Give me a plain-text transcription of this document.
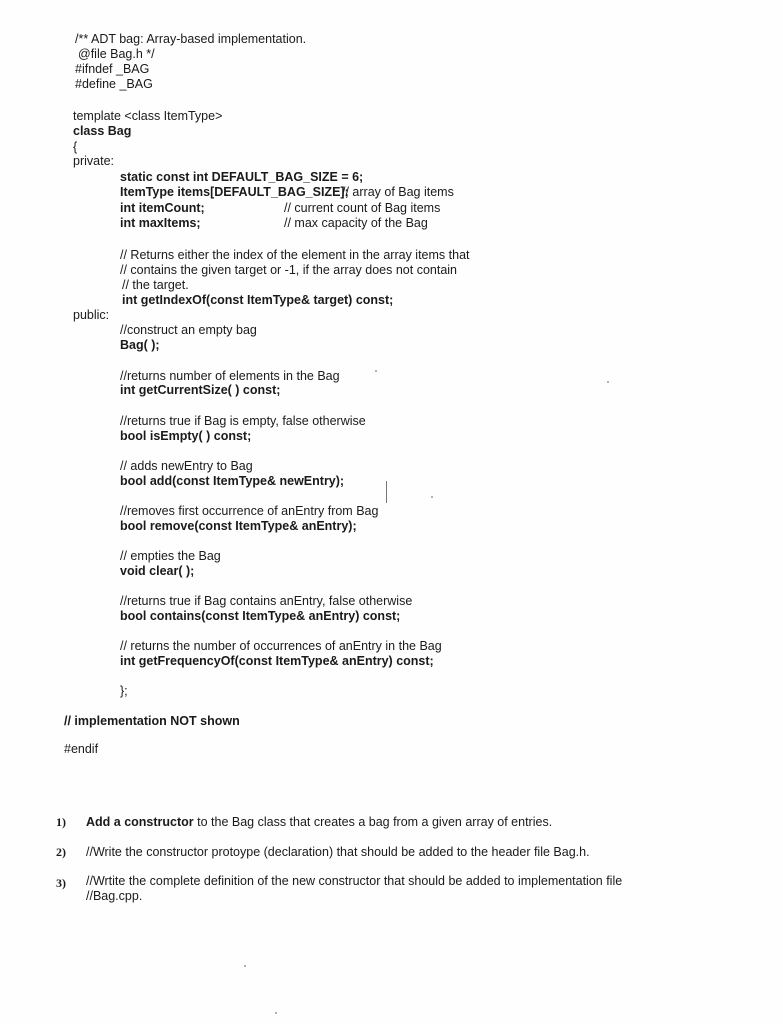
/** ADT bag: Array-based implementation.
@file Bag.h */
#ifndef _BAG
#define _BAG
template <class ItemType>
class Bag
{
private:
static const int DEFAULT_BAG_SIZE = 6;
ItemType items[DEFAULT_BAG_SIZE];
// array of Bag items
int itemCount;	// current count of Bag items
int maxItems;	// max capacity of the Bag
// Returns either the index of the element in the array items that
// contains the given target or -1, if the array does not contain
// the target.
int getIndexOf(const ItemType& target) const;
public:
//construct an empty bag
Bag( );
//returns number of elements in the Bag
int getCurrentSize( ) const;
//returns true if Bag is empty, false otherwise
bool isEmpty( ) const;
// adds newEntry to Bag
bool add(const ItemType& newEntry);
//removes first occurrence of anEntry from Bag
bool remove(const ItemType& anEntry);
// empties the Bag
void clear( );
//returns true if Bag contains anEntry, false otherwise
bool contains(const ItemType& anEntry) const;
// returns the number of occurrences of anEntry in the Bag
int getFrequencyOf(const ItemType& anEntry) const;
};
// implementation NOT shown
#endif
1) Add a constructor to the Bag class that creates a bag from a given array of entries.
2) //Write the constructor protoype (declaration) that should be added to the header file Bag.h.
3) //Wrtite the complete definition of the new constructor that should be added to implementation file
//Bag.cpp.
